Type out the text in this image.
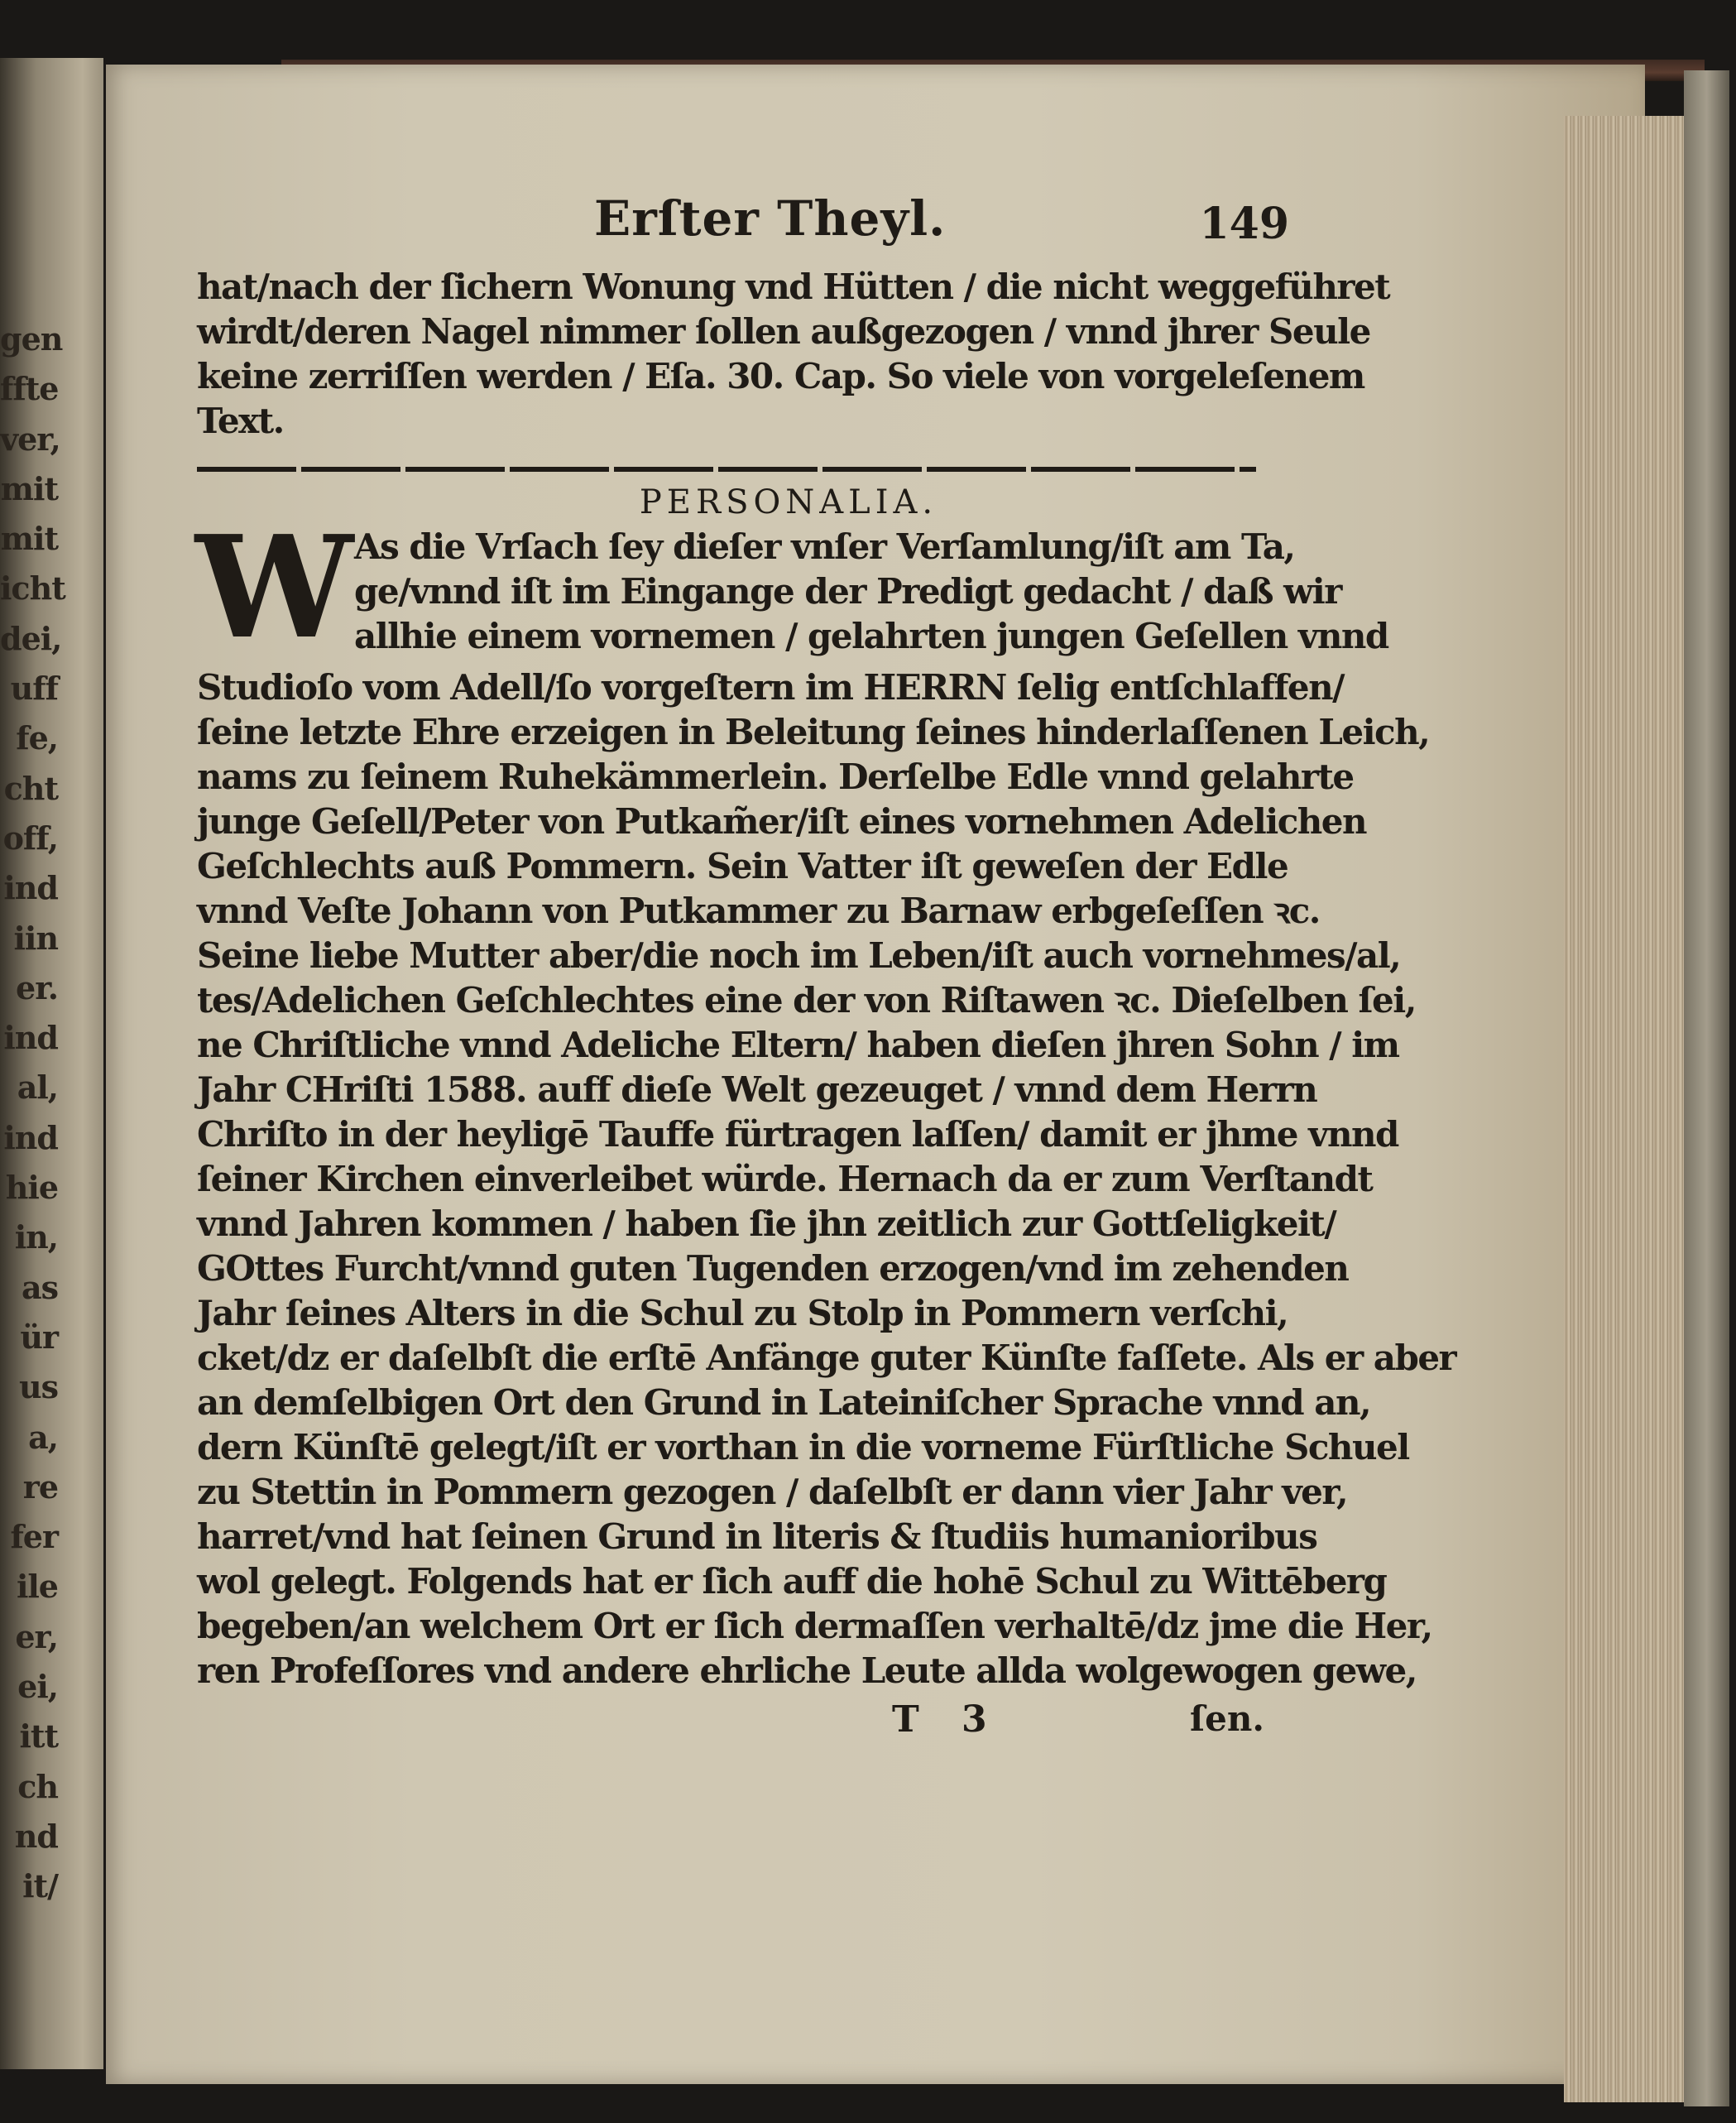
gen
ffte
ver,
mit
mit
icht
dei,
uff
fe,
cht
off,
ind
iin
er.
ind
al,
ind
hie
in,
as
ür
us
a,
re
fer
ile
er,
ei,
itt
ch
nd
it/
Erſter Theyl.	149
hat/nach der ſichern Wonung vnd Hütten / die nicht weggeführet
wirdt/deren Nagel nimmer ſollen außgezogen / vnnd jhrer Seule
keine zerriſſen werden / Eſa. 30. Cap. So viele von vorgeleſenem
Text.
PERSONALIA.
W As die Vrſach ſey dieſer vnſer Verſamlung/iſt am Ta,
ge/vnnd iſt im Eingange der Predigt gedacht / daß wir
allhie einem vornemen / gelahrten jungen Geſellen vnnd
Studioſo vom Adell/ſo vorgeſtern im HERRN ſelig entſchlaffen/
ſeine letzte Ehre erzeigen in Beleitung ſeines hinderlaſſenen Leich,
nams zu ſeinem Ruhekämmerlein. Derſelbe Edle vnnd gelahrte
junge Geſell/Peter von Putkam̃er/iſt eines vornehmen Adelichen
Geſchlechts auß Pommern. Sein Vatter iſt geweſen der Edle
vnnd Veſte Johann von Putkammer zu Barnaw erbgeſeſſen ꝛc.
Seine liebe Mutter aber/die noch im Leben/iſt auch vornehmes/al,
tes/Adelichen Geſchlechtes eine der von Riſtawen ꝛc. Dieſelben ſei,
ne Chriſtliche vnnd Adeliche Eltern/ haben dieſen jhren Sohn / im
Jahr CHriſti 1588. auff dieſe Welt gezeuget / vnnd dem Herrn
Chriſto in der heyligē Tauffe fürtragen laſſen/ damit er jhme vnnd
ſeiner Kirchen einverleibet würde. Hernach da er zum Verſtandt
vnnd Jahren kommen / haben ſie jhn zeitlich zur Gottſeligkeit/
GOttes Furcht/vnnd guten Tugenden erzogen/vnd im zehenden
Jahr ſeines Alters in die Schul zu Stolp in Pommern verſchi,
cket/dz er daſelbſt die erſtē Anfänge guter Künſte faſſete. Als er aber
an demſelbigen Ort den Grund in Lateiniſcher Sprache vnnd an,
dern Künſtē gelegt/iſt er vorthan in die vorneme Fürſtliche Schuel
zu Stettin in Pommern gezogen / daſelbſt er dann vier Jahr ver,
harret/vnd hat ſeinen Grund in literis & ſtudiis humanioribus
wol gelegt. Folgends hat er ſich auff die hohē Schul zu Wittēberg
begeben/an welchem Ort er ſich dermaſſen verhaltē/dz jme die Her,
ren Profeſſores vnd andere ehrliche Leute allda wolgewogen gewe,
T 3	ſen.
